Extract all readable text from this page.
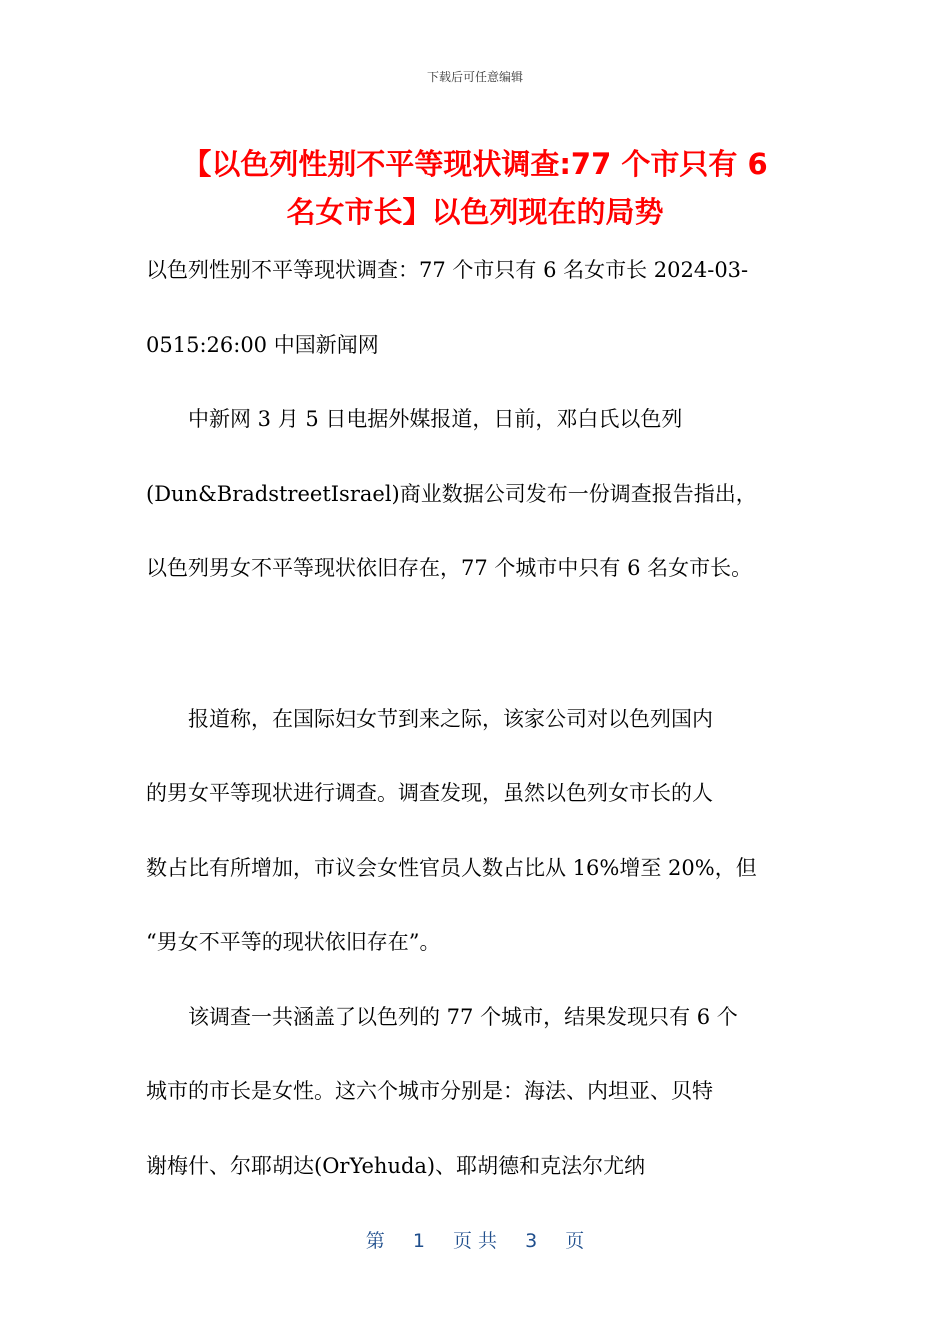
下载后可任意编辑
【以色列性别不平等现状调查:77 个市只有 6
名女市长】以色列现在的局势

以色列性别不平等现状调查：77 个市只有 6 名女市长 2024-03-

0515:26:00 中国新闻网

　　中新网 3 月 5 日电据外媒报道，日前，邓白氏以色列

(Dun&BradstreetIsrael)商业数据公司发布一份调查报告指出，

以色列男女不平等现状依旧存在，77 个城市中只有 6 名女市长。

　　报道称，在国际妇女节到来之际，该家公司对以色列国内

的男女平等现状进行调查。调查发现，虽然以色列女市长的人

数占比有所增加，市议会女性官员人数占比从 16%增至 20%，但

“男女不平等的现状依旧存在”。

　　该调查一共涵盖了以色列的 77 个城市，结果发现只有 6 个

城市的市长是女性。这六个城市分别是：海法、内坦亚、贝特

谢梅什、尔耶胡达(OrYehuda)、耶胡德和克法尔尤纳

第 1 页 共 3 页
